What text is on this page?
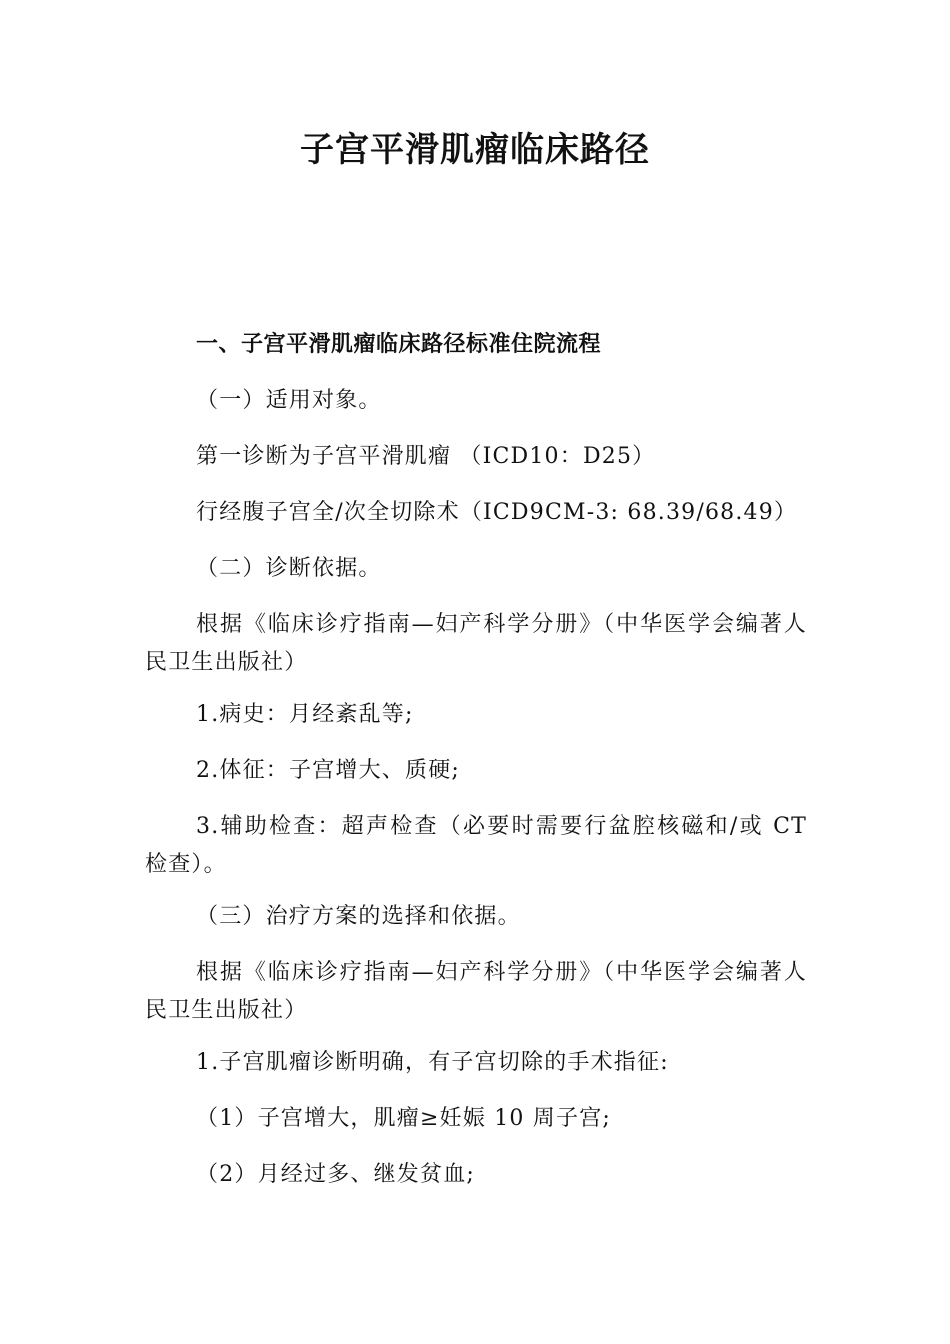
子宫平滑肌瘤临床路径

一、子宫平滑肌瘤临床路径标准住院流程

（一）适用对象。

第一诊断为子宫平滑肌瘤 （ICD10：D25）

行经腹子宫全/次全切除术（ICD9CM-3: 68.39/68.49）

（二）诊断依据。

根据《临床诊疗指南—妇产科学分册》（中华医学会编著人民卫生出版社）

1.病史：月经紊乱等;

2.体征：子宫增大、质硬;

3.辅助检查：超声检查（必要时需要行盆腔核磁和/或 CT 检查）。

（三）治疗方案的选择和依据。

根据《临床诊疗指南—妇产科学分册》（中华医学会编著人民卫生出版社）

1.子宫肌瘤诊断明确，有子宫切除的手术指征:

（1）子宫增大，肌瘤≥妊娠 10 周子宫;

（2）月经过多、继发贫血;
